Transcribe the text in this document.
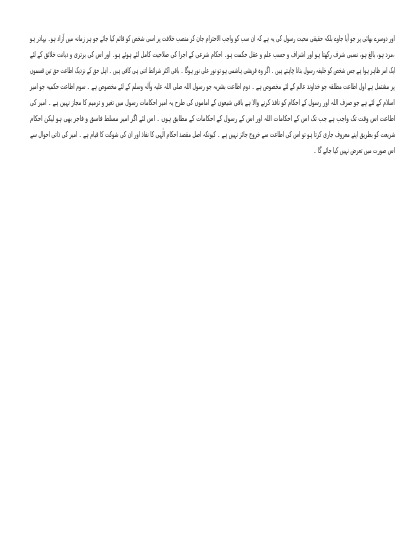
اور دوسرے بھائی پر جو آیا جاوے بلکہ حقیقی محبت رسول کی یہ ہے کہ ان سب کو واجب الاحترام جان کر منصب خلافت پر اسی شخص کو قائم کیا جائے جو ہر زمانہ میں آزاد ہو۔ بہادر ہو
،مرد ہو، بالغ ہو، نسبی شرف رکھتا ہو اور اشراف و حسب علم و عقل حکمت ہو۔ احکام شرعی کے اجرا کی صلاحیت کامل لئے ہوئے ہو۔ اور اس کی برتری و دیانت خلائق کے لئے
ایک امر ظاہر ہوا ہے جس شخص کو خلیفہ رسول بنانا چاہتے ہیں ۔ اگر وہ قریشی ہاشمی ہو تو نور علی نور ہوگا ۔ باقی اکثر شرائط اتنی ہی کافی ہیں ۔ اہل حق کے نزدیک اطاعت حق تین قسموں
پر مشتمل ہے اول اطاعت مطلقہ جو خداوند عالم کے لئے مخصوص ہے ۔ دوم اطاعت بشریہ جو رسول اللہ صلی اللہ علیہ وآلہ وسلم کے لئے مخصوص ہے ۔ سوم اطاعت حکمیہ جو امیر
اسلام کے لئے ہے جو صرف اللہ اور رسول کے احکام کو نافذ کرنے والا ہے باقی شیعوں کے اماموں کی طرح یہ امیر احکامات رسول میں تغیر و ترمیم کا مجاز نہیں ہے ۔ امیر کی
اطاعت اس وقت تک واجب ہے جب تک اس کے احکامات اللہ اور اس کے رسول کے احکامات کے مطابق ہوں ۔ اس لئے اگر امیر مسلط فاسق و فاجر بھی ہو لیکن احکام
شریعت کو بطریق اپنے معروف جاری کرتا ہو تو اس کی اطاعت سے خروج جائز نہیں ہے ۔ کیونکہ اصل مقصد احکام الٰہی کا نفاذ اور ان کی شوکت کا قیام ہے ۔ امیر کی ذاتی احوال سے
اس صورت میں تعرض نہیں کیا جائے گا ۔
